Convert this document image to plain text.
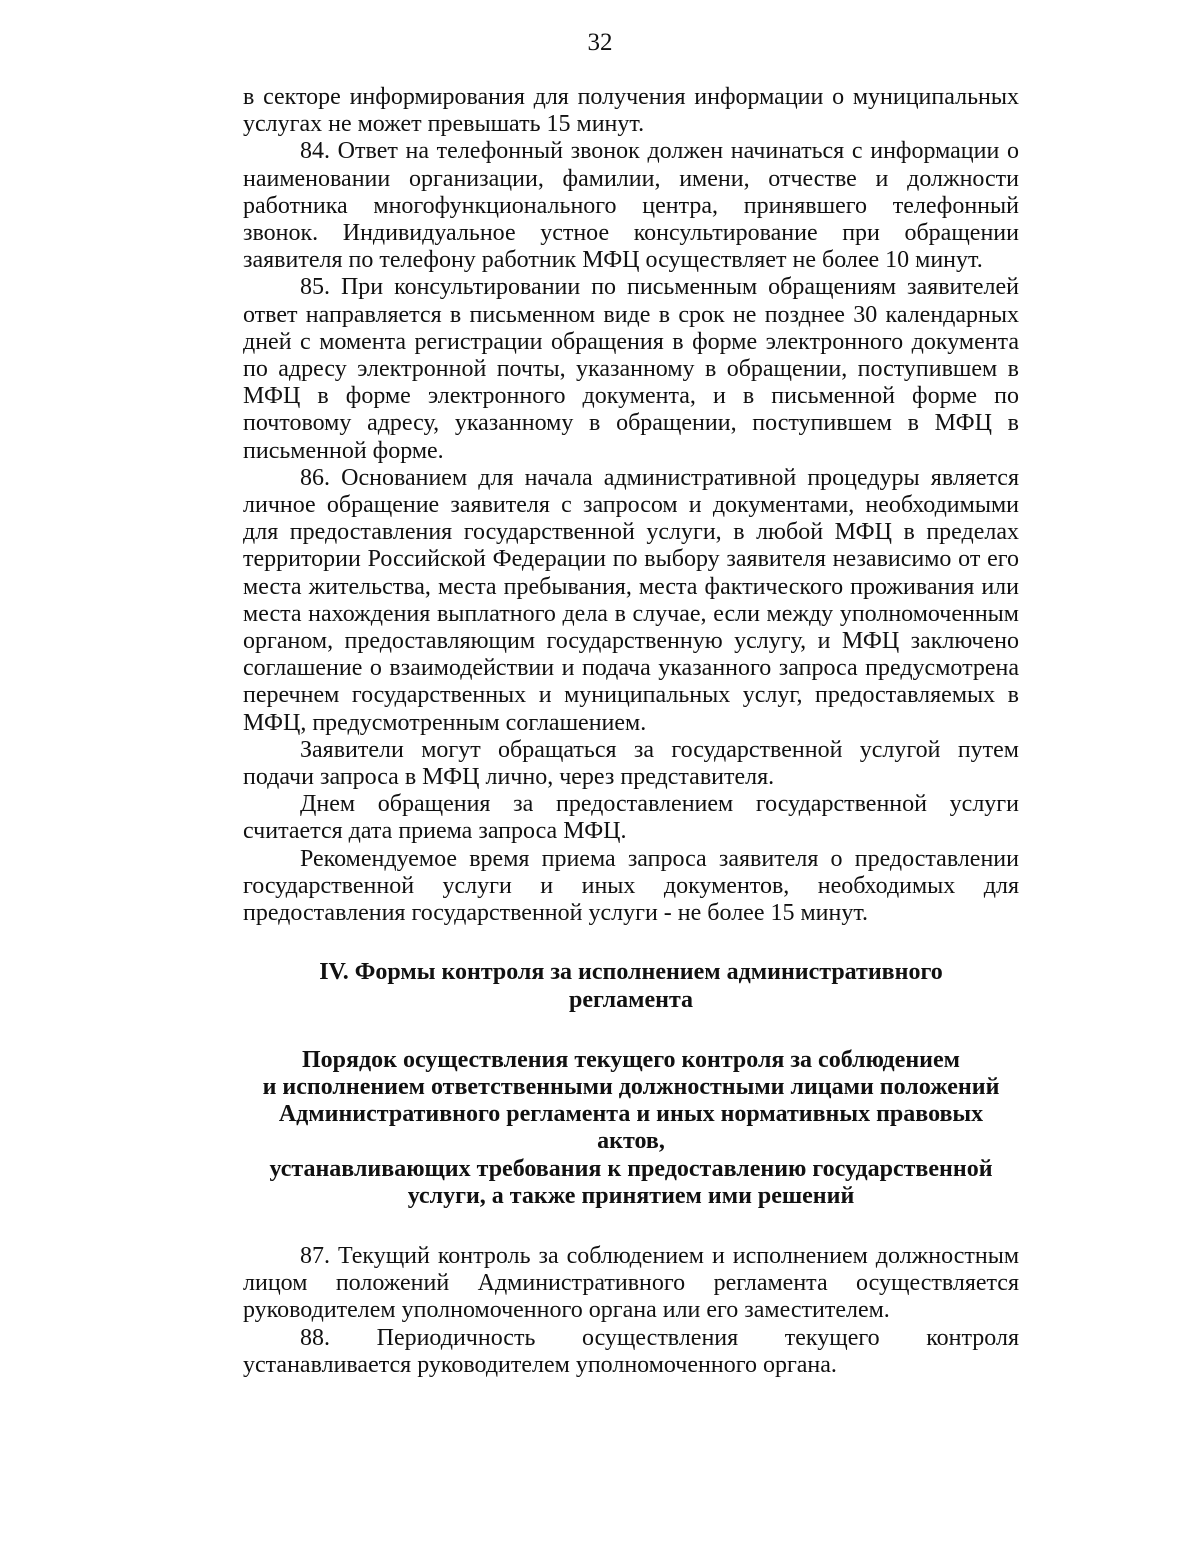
32

в секторе информирования для получения информации о муниципальных услугах не может превышать 15 минут.

84. Ответ на телефонный звонок должен начинаться с информации о наименовании организации, фамилии, имени, отчестве и должности работника многофункционального центра, принявшего телефонный звонок. Индивидуальное устное консультирование при обращении заявителя по телефону работник МФЦ осуществляет не более 10 минут.

85. При консультировании по письменным обращениям заявителей ответ направляется в письменном виде в срок не позднее 30 календарных дней с момента регистрации обращения в форме электронного документа по адресу электронной почты, указанному в обращении, поступившем в МФЦ в форме электронного документа, и в письменной форме по почтовому адресу, указанному в обращении, поступившем в МФЦ в письменной форме.

86. Основанием для начала административной процедуры является личное обращение заявителя с запросом и документами, необходимыми для предоставления государственной услуги, в любой МФЦ в пределах территории Российской Федерации по выбору заявителя независимо от его места жительства, места пребывания, места фактического проживания или места нахождения выплатного дела в случае, если между уполномоченным органом, предоставляющим государственную услугу, и МФЦ заключено соглашение о взаимодействии и подача указанного запроса предусмотрена перечнем государственных и муниципальных услуг, предоставляемых в МФЦ, предусмотренным соглашением.

Заявители могут обращаться за государственной услугой путем подачи запроса в МФЦ лично, через представителя.

Днем обращения за предоставлением государственной услуги считается дата приема запроса МФЦ.

Рекомендуемое время приема запроса заявителя о предоставлении государственной услуги и иных документов, необходимых для предоставления государственной услуги - не более 15 минут.

IV. Формы контроля за исполнением административного
регламента
Порядок осуществления текущего контроля за соблюдением
и исполнением ответственными должностными лицами положений
Административного регламента и иных нормативных правовых актов,
устанавливающих требования к предоставлению государственной
услуги, а также принятием ими решений

87. Текущий контроль за соблюдением и исполнением должностным лицом положений Административного регламента осуществляется руководителем уполномоченного органа или его заместителем.

88. Периодичность осуществления текущего контроля устанавливается руководителем уполномоченного органа.
